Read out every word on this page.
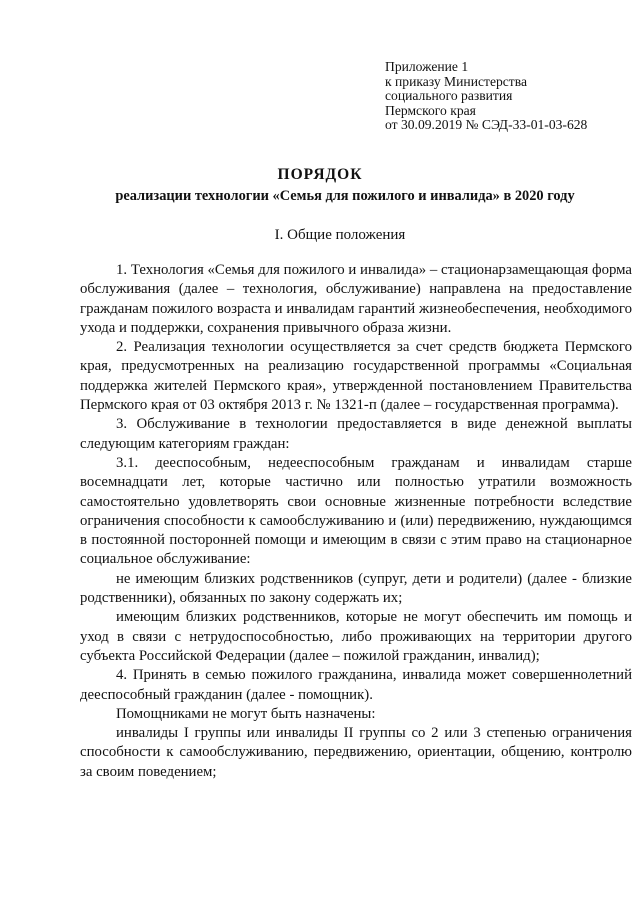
Приложение 1
к приказу Министерства
социального развития
Пермского края
от 30.09.2019 № СЭД-33-01-03-628
ПОРЯДОК
реализации технологии «Семья для пожилого и инвалида» в 2020 году
I. Общие положения

1. Технология «Семья для пожилого и инвалида» – стационарзамещающая форма обслуживания (далее – технология, обслуживание) направлена на предоставление гражданам пожилого возраста и инвалидам гарантий жизнеобеспечения, необходимого ухода и поддержки, сохранения привычного образа жизни.

2. Реализация технологии осуществляется за счет средств бюджета Пермского края, предусмотренных на реализацию государственной программы «Социальная поддержка жителей Пермского края», утвержденной постановлением Правительства Пермского края от 03 октября 2013 г. № 1321-п (далее – государственная программа).

3. Обслуживание в технологии предоставляется в виде денежной выплаты следующим категориям граждан:

3.1. дееспособным, недееспособным гражданам и инвалидам старше восемнадцати лет, которые частично или полностью утратили возможность самостоятельно удовлетворять свои основные жизненные потребности вследствие ограничения способности к самообслуживанию и (или) передвижению, нуждающимся в постоянной посторонней помощи и имеющим в связи с этим право на стационарное социальное обслуживание:

не имеющим близких родственников (супруг, дети и родители) (далее - близкие родственники), обязанных по закону содержать их;

имеющим близких родственников, которые не могут обеспечить им помощь и уход в связи с нетрудоспособностью, либо проживающих на территории другого субъекта Российской Федерации (далее – пожилой гражданин, инвалид);

4. Принять в семью пожилого гражданина, инвалида может совершеннолетний дееспособный гражданин (далее - помощник).

Помощниками не могут быть назначены:

инвалиды I группы или инвалиды II группы со 2 или 3 степенью ограничения способности к самообслуживанию, передвижению, ориентации, общению, контролю за своим поведением;
